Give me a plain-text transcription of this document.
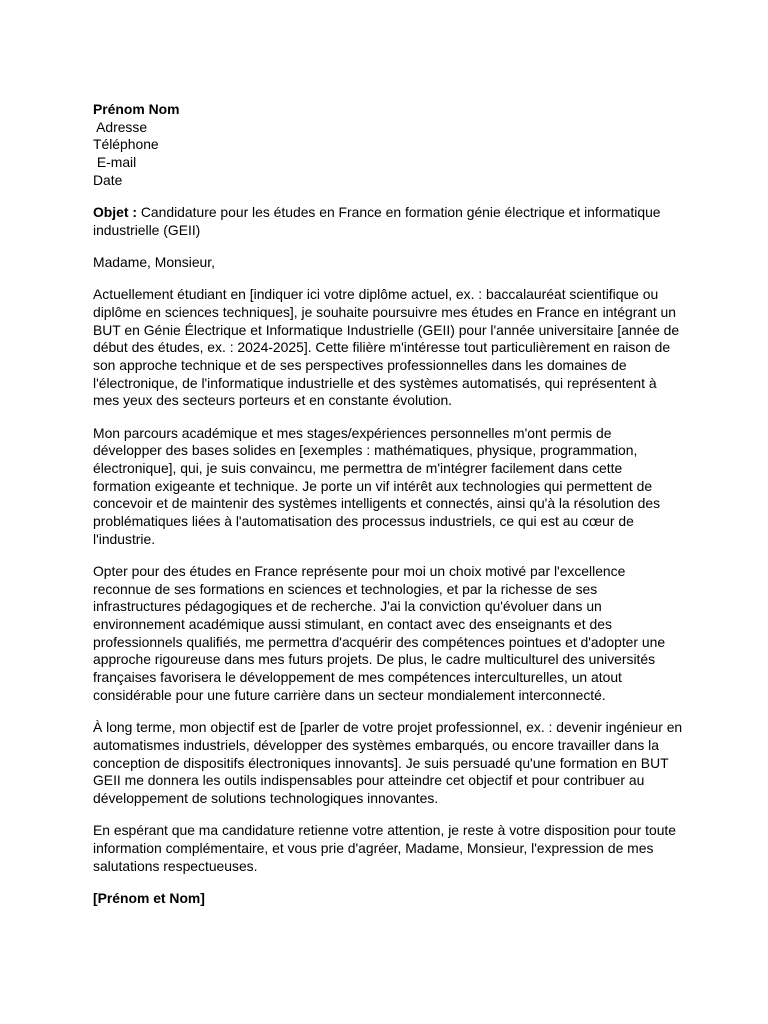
Prénom Nom
Adresse
Téléphone
E-mail
Date

Objet : Candidature pour les études en France en formation génie électrique et informatique industrielle (GEII)

Madame, Monsieur,

Actuellement étudiant en [indiquer ici votre diplôme actuel, ex. : baccalauréat scientifique ou diplôme en sciences techniques], je souhaite poursuivre mes études en France en intégrant un BUT en Génie Électrique et Informatique Industrielle (GEII) pour l'année universitaire [année de début des études, ex. : 2024-2025]. Cette filière m'intéresse tout particulièrement en raison de son approche technique et de ses perspectives professionnelles dans les domaines de l'électronique, de l'informatique industrielle et des systèmes automatisés, qui représentent à mes yeux des secteurs porteurs et en constante évolution.

Mon parcours académique et mes stages/expériences personnelles m'ont permis de développer des bases solides en [exemples : mathématiques, physique, programmation, électronique], qui, je suis convaincu, me permettra de m'intégrer facilement dans cette formation exigeante et technique. Je porte un vif intérêt aux technologies qui permettent de concevoir et de maintenir des systèmes intelligents et connectés, ainsi qu'à la résolution des problématiques liées à l'automatisation des processus industriels, ce qui est au cœur de l'industrie.

Opter pour des études en France représente pour moi un choix motivé par l'excellence reconnue de ses formations en sciences et technologies, et par la richesse de ses infrastructures pédagogiques et de recherche. J'ai la conviction qu'évoluer dans un environnement académique aussi stimulant, en contact avec des enseignants et des professionnels qualifiés, me permettra d'acquérir des compétences pointues et d'adopter une approche rigoureuse dans mes futurs projets. De plus, le cadre multiculturel des universités françaises favorisera le développement de mes compétences interculturelles, un atout considérable pour une future carrière dans un secteur mondialement interconnecté.

À long terme, mon objectif est de [parler de votre projet professionnel, ex. : devenir ingénieur en automatismes industriels, développer des systèmes embarqués, ou encore travailler dans la conception de dispositifs électroniques innovants]. Je suis persuadé qu'une formation en BUT GEII me donnera les outils indispensables pour atteindre cet objectif et pour contribuer au développement de solutions technologiques innovantes.

En espérant que ma candidature retienne votre attention, je reste à votre disposition pour toute information complémentaire, et vous prie d'agréer, Madame, Monsieur, l'expression de mes salutations respectueuses.

[Prénom et Nom]
